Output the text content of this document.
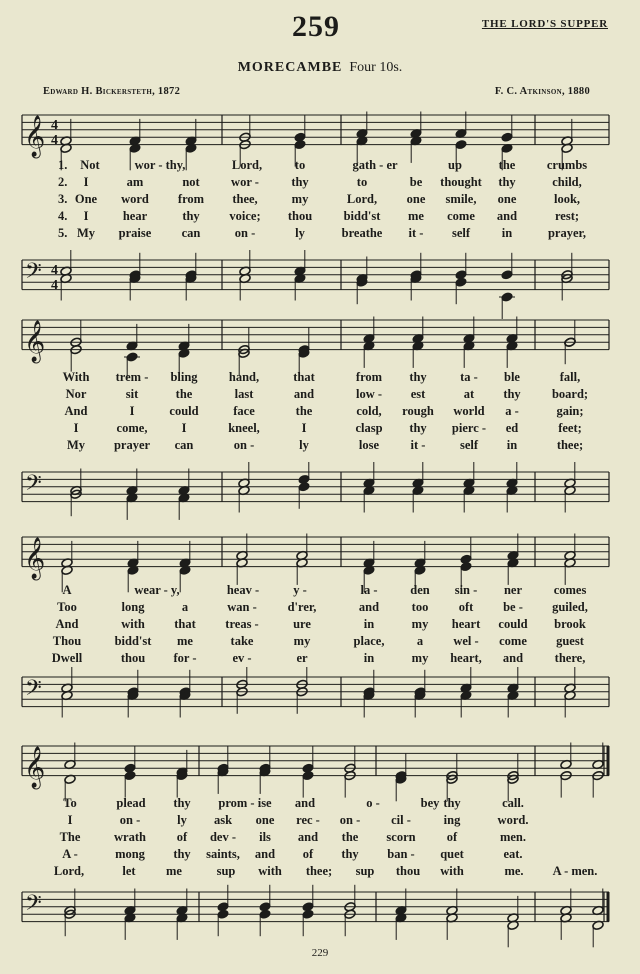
259	THE LORD'S SUPPER
MORECAMBE Four 10s.
Edward H. Bickersteth, 1872	F. C. Atkinson, 1880
𝄞 4
4
𝄢 4
4
1. Not	wor - thy,	Lord,	to	gath - er	up	the	crumbs
2. I	am	not	wor -	thy	to	be thought thy	child,
3. One word from thee,	my	Lord, one smile, one	look,
4. I	hear	thy voice; thou	bidd'st me come and	rest;
5. My praise can	on -	ly	breathe it - self	in	prayer,
𝄞
𝄢
With trem - bling	hand,	that	from thy	ta - ble	fall,
Nor	sit	the	last	and	low - est	at thy	board;
And	I	could	face	the	cold, rough world a -	gain;
I	come,	I	kneel,	I	clasp thy pierc - ed	feet;
My prayer can	on -	ly	lose	it -	self in	thee;
𝄞
𝄢
A	wear - y,	heav -	y -	la -	den sin - ner	comes
Too	long	a	wan - d'rer,	and	too oft be - guiled,
And	with that treas -	ure	in	my heart could brook
Thou	bidd'st me	take	my	place,	a wel - come guest
Dwell	thou for -	ev -	er	in	my heart, and	there,
𝄞
𝄢
To	plead thy prom - ise and	o -	bey thy	call.
I	on -	ly ask one rec - on - cil -	ing	word.
The	wrath of dev - ils and the scorn of	men.
A -	mong thy saints, and of thy ban - quet	eat.
Lord,	let me	sup with thee; sup thou with	me. A - men.
229
